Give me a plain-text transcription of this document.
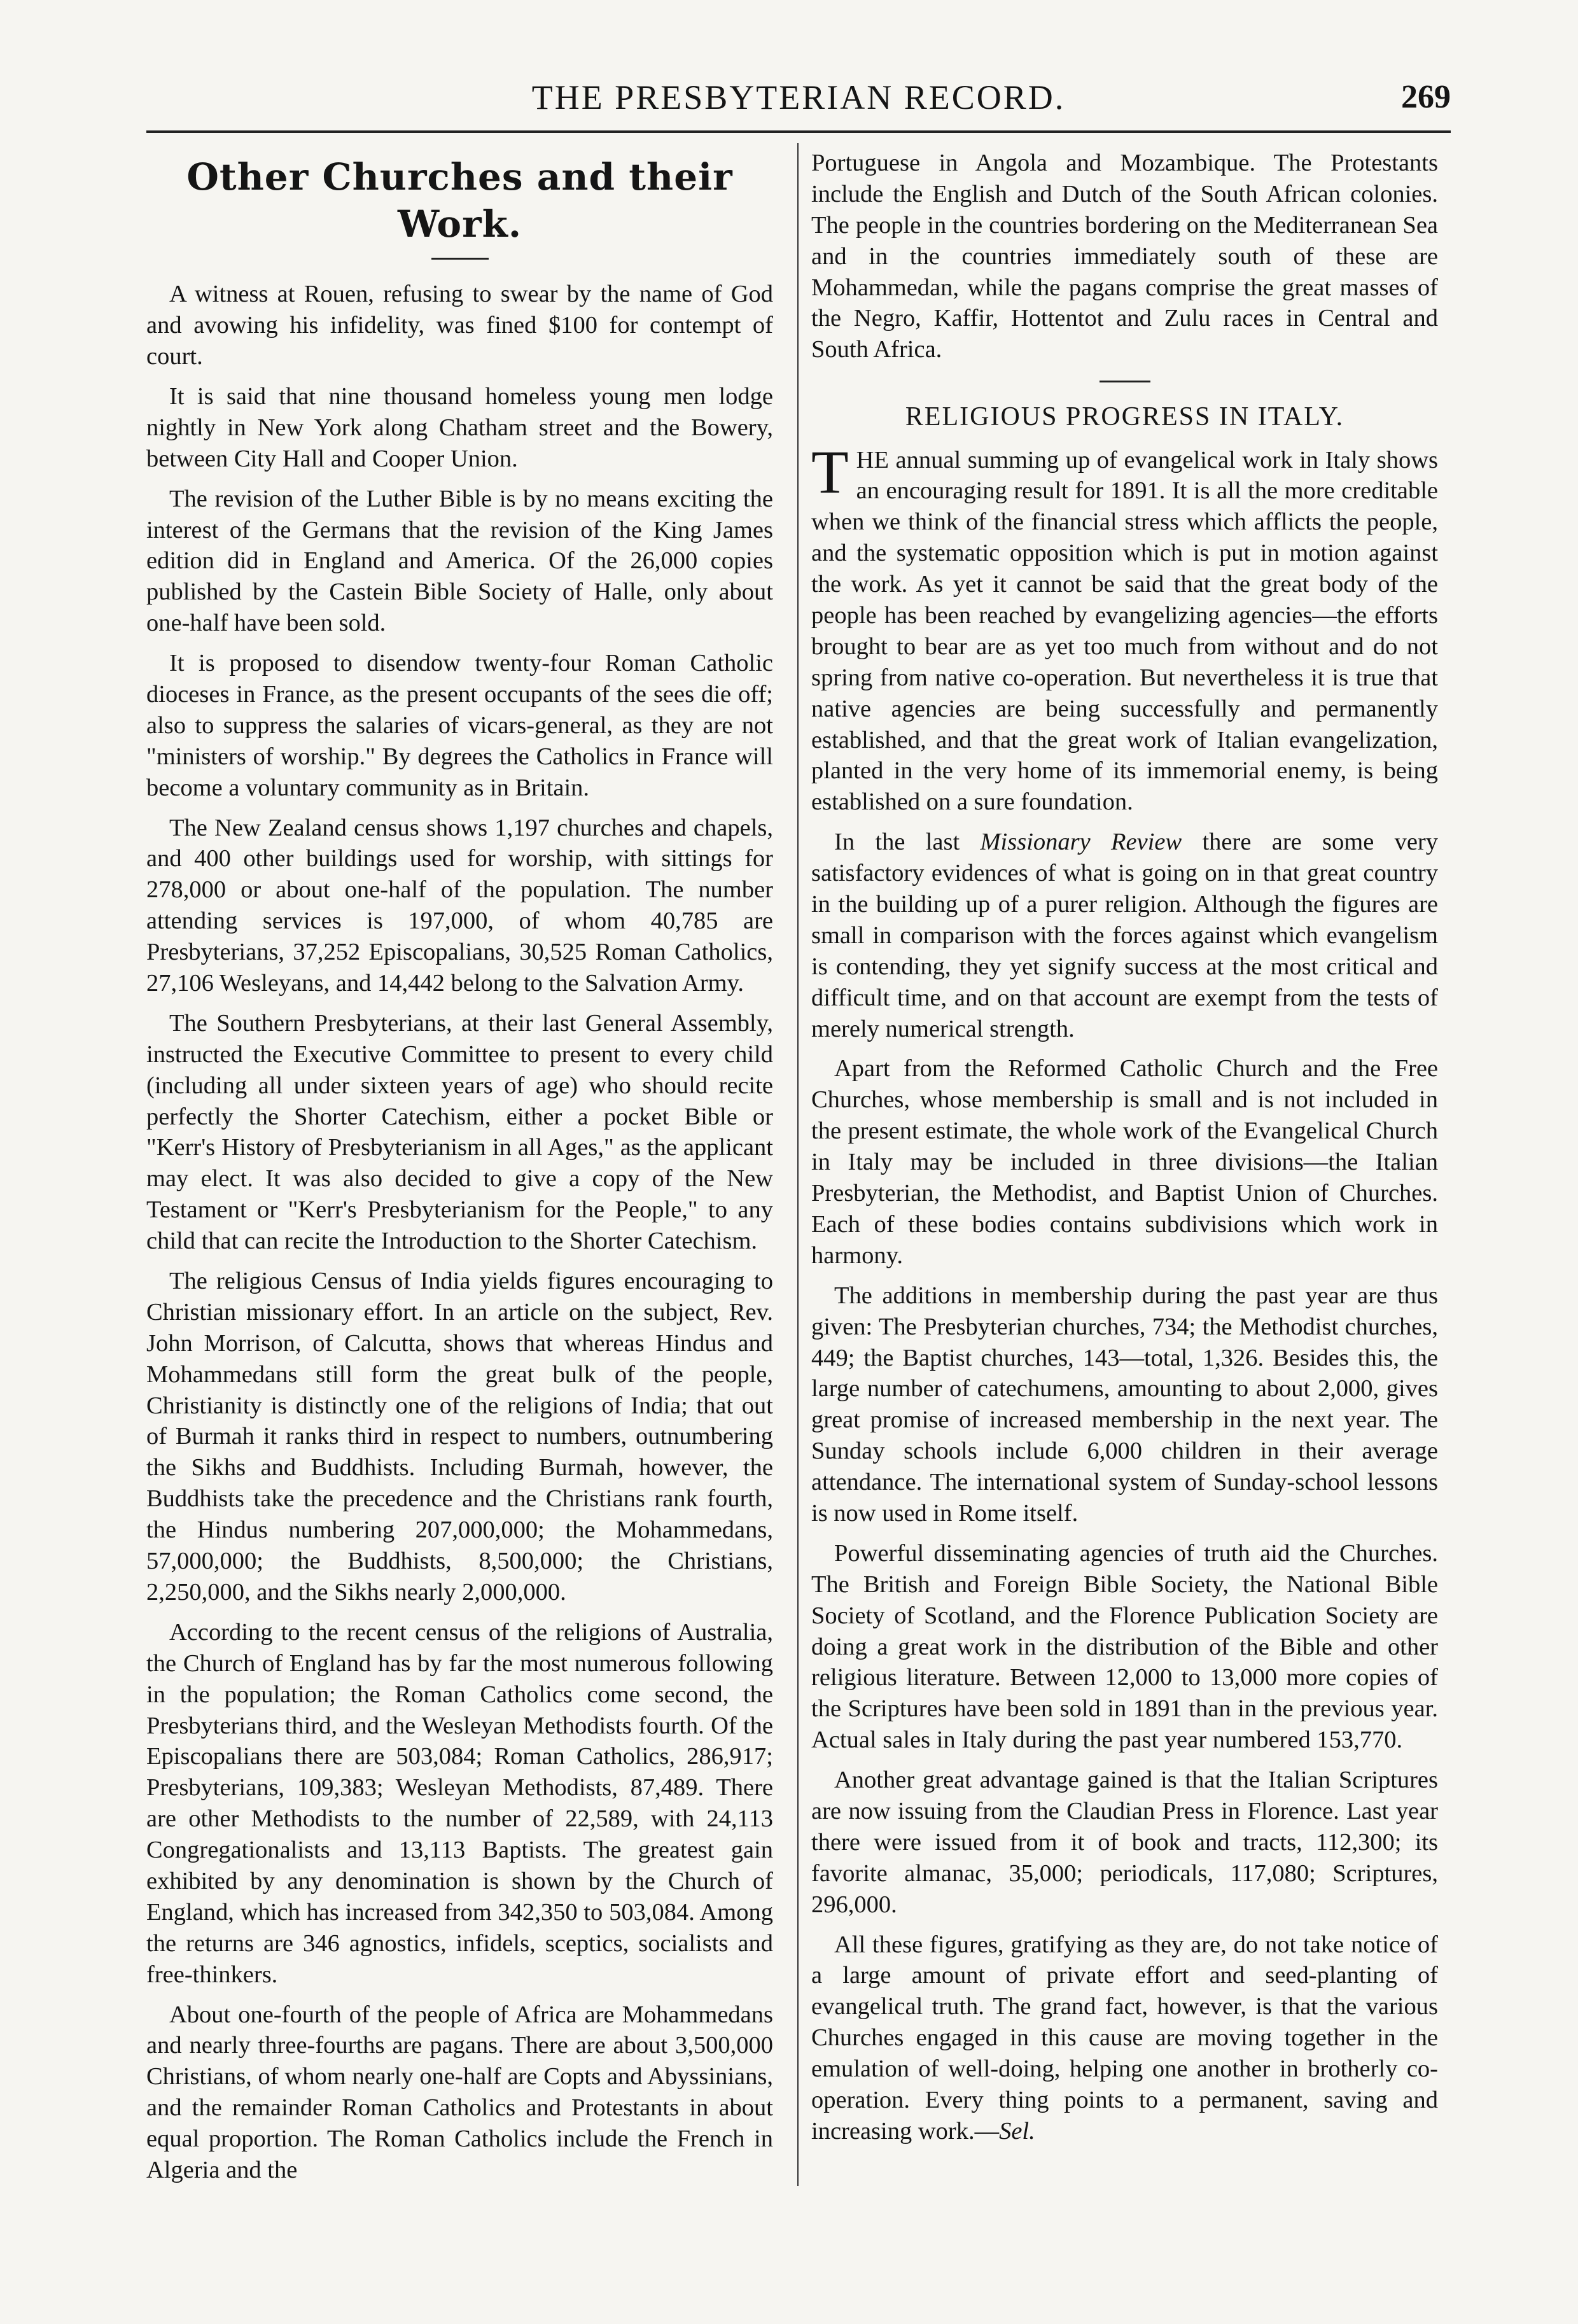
THE PRESBYTERIAN RECORD.	269
Other Churches and their Work.

A witness at Rouen, refusing to swear by the name of God and avowing his infidelity, was fined $100 for contempt of court.

It is said that nine thousand homeless young men lodge nightly in New York along Chatham street and the Bowery, between City Hall and Cooper Union.

The revision of the Luther Bible is by no means exciting the interest of the Germans that the revision of the King James edition did in England and America. Of the 26,000 copies published by the Castein Bible Society of Halle, only about one-half have been sold.

It is proposed to disendow twenty-four Roman Catholic dioceses in France, as the present occupants of the sees die off; also to suppress the salaries of vicars-general, as they are not "ministers of worship." By degrees the Catholics in France will become a voluntary community as in Britain.

The New Zealand census shows 1,197 churches and chapels, and 400 other buildings used for worship, with sittings for 278,000 or about one-half of the population. The number attending services is 197,000, of whom 40,785 are Presbyterians, 37,252 Episcopalians, 30,525 Roman Catholics, 27,106 Wesleyans, and 14,442 belong to the Salvation Army.

The Southern Presbyterians, at their last General Assembly, instructed the Executive Committee to present to every child (including all under sixteen years of age) who should recite perfectly the Shorter Catechism, either a pocket Bible or "Kerr's History of Presbyterianism in all Ages," as the applicant may elect. It was also decided to give a copy of the New Testament or "Kerr's Presbyterianism for the People," to any child that can recite the Introduction to the Shorter Catechism.

The religious Census of India yields figures encouraging to Christian missionary effort. In an article on the subject, Rev. John Morrison, of Calcutta, shows that whereas Hindus and Mohammedans still form the great bulk of the people, Christianity is distinctly one of the religions of India; that out of Burmah it ranks third in respect to numbers, outnumbering the Sikhs and Buddhists. Including Burmah, however, the Buddhists take the precedence and the Christians rank fourth, the Hindus numbering 207,000,000; the Mohammedans, 57,000,000; the Buddhists, 8,500,000; the Christians, 2,250,000, and the Sikhs nearly 2,000,000.

According to the recent census of the religions of Australia, the Church of England has by far the most numerous following in the population; the Roman Catholics come second, the Presbyterians third, and the Wesleyan Methodists fourth. Of the Episcopalians there are 503,084; Roman Catholics, 286,917; Presbyterians, 109,383; Wesleyan Methodists, 87,489. There are other Methodists to the number of 22,589, with 24,113 Congregationalists and 13,113 Baptists. The greatest gain exhibited by any denomination is shown by the Church of England, which has increased from 342,350 to 503,084. Among the returns are 346 agnostics, infidels, sceptics, socialists and free-thinkers.

About one-fourth of the people of Africa are Mohammedans and nearly three-fourths are pagans. There are about 3,500,000 Christians, of whom nearly one-half are Copts and Abyssinians, and the remainder Roman Catholics and Protestants in about equal proportion. The Roman Catholics include the French in Algeria and the

Portuguese in Angola and Mozambique. The Protestants include the English and Dutch of the South African colonies. The people in the countries bordering on the Mediterranean Sea and in the countries immediately south of these are Mohammedan, while the pagans comprise the great masses of the Negro, Kaffir, Hottentot and Zulu races in Central and South Africa.

RELIGIOUS PROGRESS IN ITALY.

THE annual summing up of evangelical work in Italy shows an encouraging result for 1891. It is all the more creditable when we think of the financial stress which afflicts the people, and the systematic opposition which is put in motion against the work. As yet it cannot be said that the great body of the people has been reached by evangelizing agencies—the efforts brought to bear are as yet too much from without and do not spring from native co-operation. But nevertheless it is true that native agencies are being successfully and permanently established, and that the great work of Italian evangelization, planted in the very home of its immemorial enemy, is being established on a sure foundation.

In the last Missionary Review there are some very satisfactory evidences of what is going on in that great country in the building up of a purer religion. Although the figures are small in comparison with the forces against which evangelism is contending, they yet signify success at the most critical and difficult time, and on that account are exempt from the tests of merely numerical strength.

Apart from the Reformed Catholic Church and the Free Churches, whose membership is small and is not included in the present estimate, the whole work of the Evangelical Church in Italy may be included in three divisions—the Italian Presbyterian, the Methodist, and Baptist Union of Churches. Each of these bodies contains subdivisions which work in harmony.

The additions in membership during the past year are thus given: The Presbyterian churches, 734; the Methodist churches, 449; the Baptist churches, 143—total, 1,326. Besides this, the large number of catechumens, amounting to about 2,000, gives great promise of increased membership in the next year. The Sunday schools include 6,000 children in their average attendance. The international system of Sunday-school lessons is now used in Rome itself.

Powerful disseminating agencies of truth aid the Churches. The British and Foreign Bible Society, the National Bible Society of Scotland, and the Florence Publication Society are doing a great work in the distribution of the Bible and other religious literature. Between 12,000 to 13,000 more copies of the Scriptures have been sold in 1891 than in the previous year. Actual sales in Italy during the past year numbered 153,770.

Another great advantage gained is that the Italian Scriptures are now issuing from the Claudian Press in Florence. Last year there were issued from it of book and tracts, 112,300; its favorite almanac, 35,000; periodicals, 117,080; Scriptures, 296,000.

All these figures, gratifying as they are, do not take notice of a large amount of private effort and seed-planting of evangelical truth. The grand fact, however, is that the various Churches engaged in this cause are moving together in the emulation of well-doing, helping one another in brotherly co-operation. Every thing points to a permanent, saving and increasing work.—Sel.
